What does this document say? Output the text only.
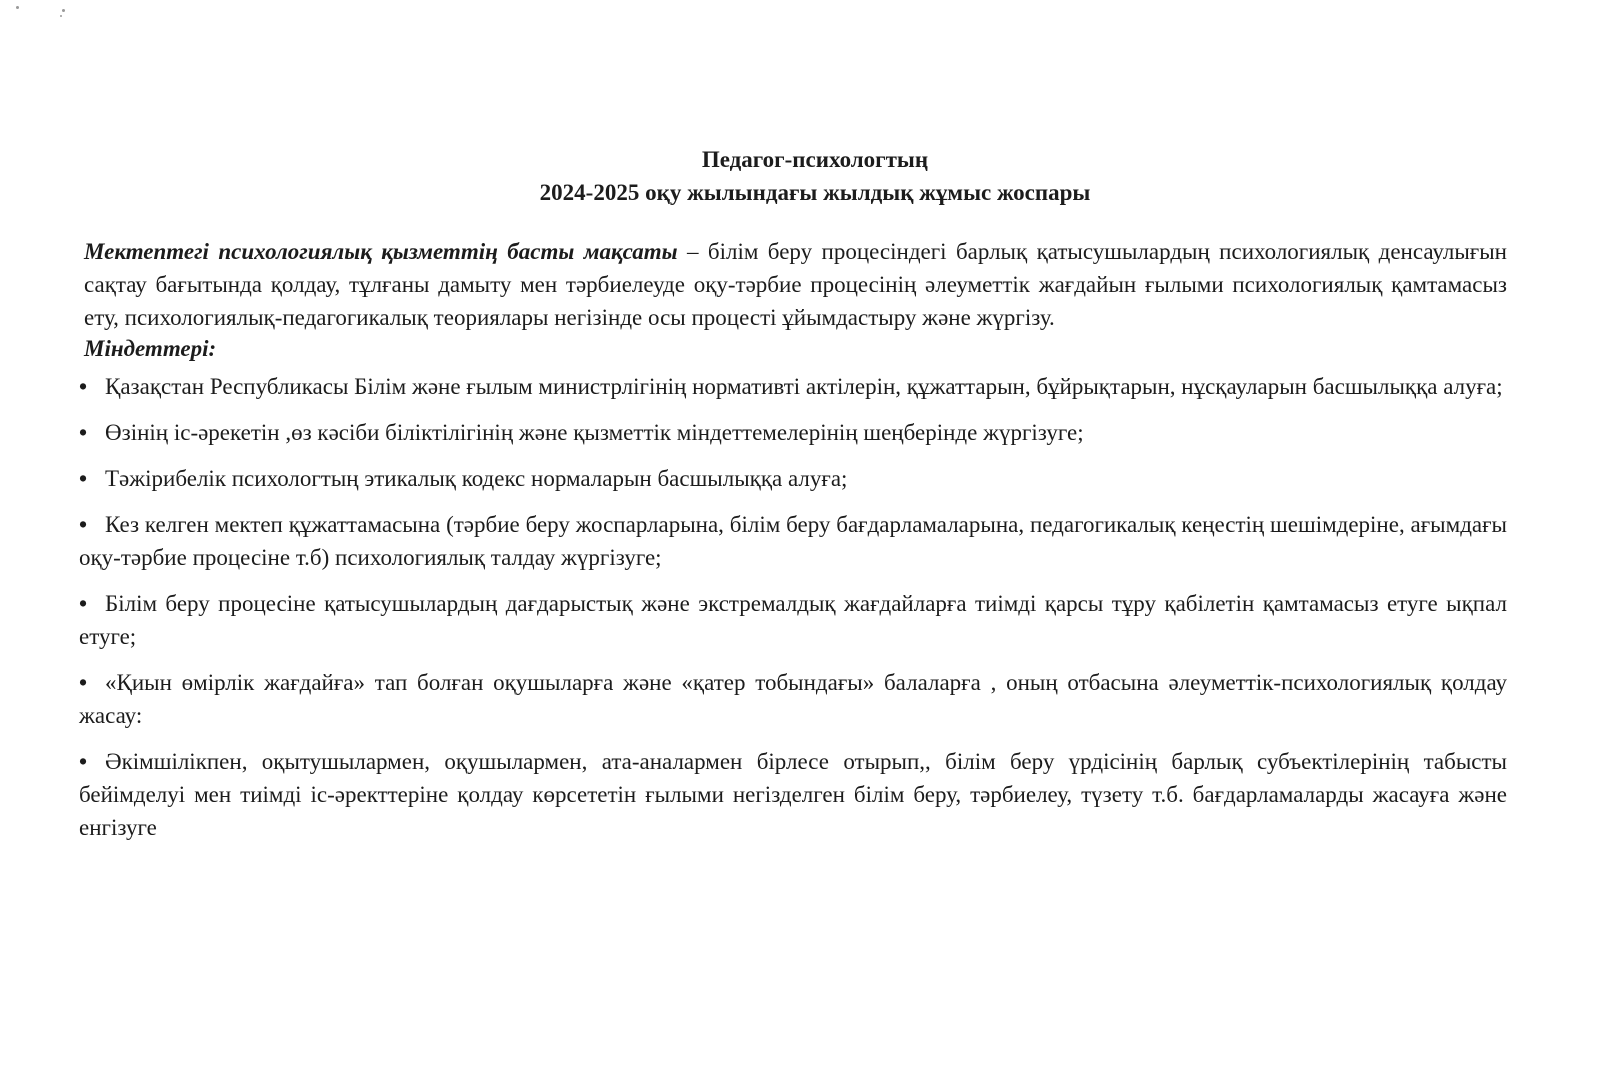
Педагог-психологтың
2024-2025 оқу жылындағы жылдық жұмыс жоспары

Мектептегі психологиялық қызметтің басты мақсаты – білім беру процесіндегі барлық қатысушылардың психологиялық денсаулығын сақтау бағытында қолдау, тұлғаны дамыту мен тәрбиелеуде оқу-тәрбие процесінің әлеуметтік жағдайын ғылыми психологиялық қамтамасыз ету, психологиялық-педагогикалық теориялары негізінде осы процесті ұйымдастыру және жүргізу.

Міндеттері:

• Қазақстан Республикасы Білім және ғылым министрлігінің нормативті актілерін, құжаттарын, бұйрықтарын, нұсқауларын басшылыққа алуға;
• Өзінің іс-әрекетін ,өз кәсіби біліктілігінің және қызметтік міндеттемелерінің шеңберінде жүргізуге;
• Тәжірибелік психологтың этикалық кодекс нормаларын басшылыққа алуға;
• Кез келген мектеп құжаттамасына (тәрбие беру жоспарларына, білім беру бағдарламаларына, педагогикалық кеңестің шешімдеріне, ағымдағы оқу-тәрбие процесіне т.б) психологиялық талдау жүргізуге;
• Білім беру процесіне қатысушылардың дағдарыстық және экстремалдық жағдайларға тиімді қарсы тұру қабілетін қамтамасыз етуге ықпал етуге;
• «Қиын өмірлік жағдайға» тап болған оқушыларға және «қатер тобындағы» балаларға , оның отбасына әлеуметтік-психологиялық қолдау жасау:
• Әкімшілікпен, оқытушылармен, оқушылармен, ата-аналармен бірлесе отырып,, білім беру үрдісінің барлық субъектілерінің табысты бейімделуі мен тиімді іс-әректтеріне қолдау көрсететін ғылыми негізделген білім беру, тәрбиелеу, түзету т.б. бағдарламаларды жасауға және енгізуге
